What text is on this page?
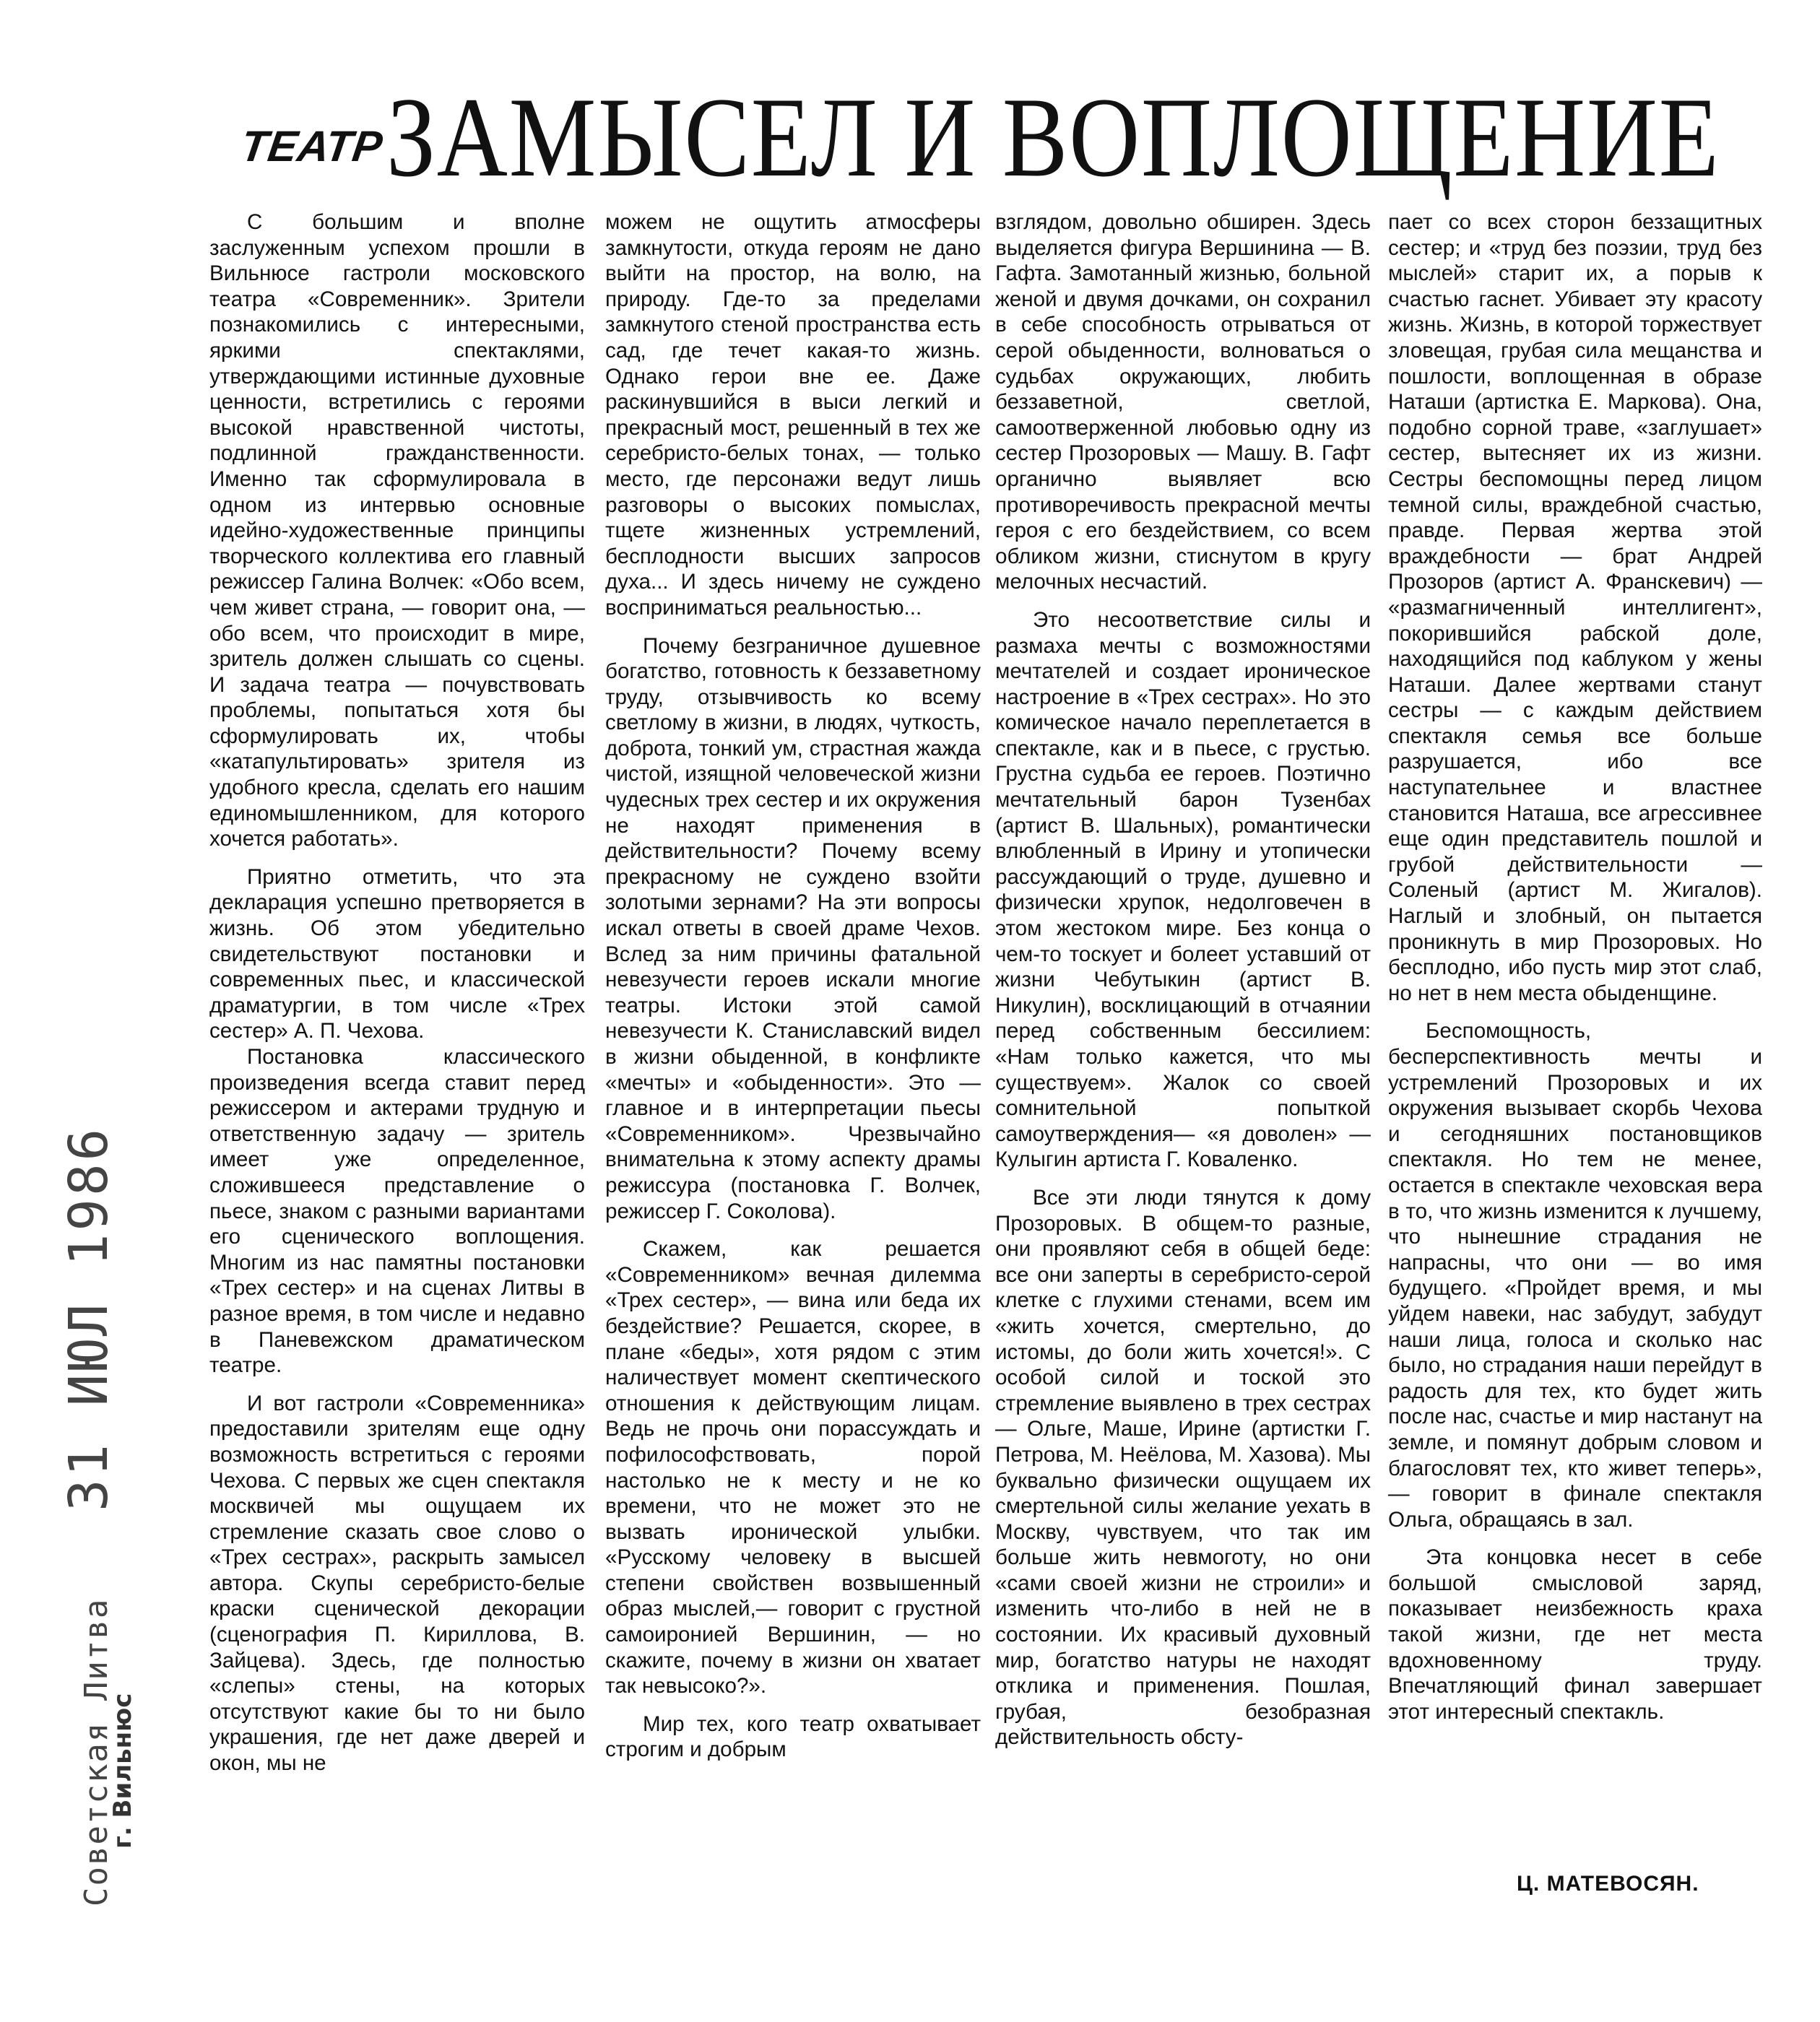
ТЕАТР ЗАМЫСЕЛ И ВОПЛОЩЕНИЕ

С большим и вполне заслуженным успехом прошли в Вильнюсе гастроли московского театра «Современник». Зрители познакомились с интересными, яркими спектаклями, утверждающими истинные духовные ценности, встретились с героями высокой нравственной чистоты, подлинной гражданственности. Именно так сформулировала в одном из интервью основные идейно-художественные принципы творческого коллектива его главный режиссер Галина Волчек: «Обо всем, чем живет страна, — говорит она, — обо всем, что происходит в мире, зритель должен слышать со сцены. И задача театра — почувствовать проблемы, попытаться хотя бы сформулировать их, чтобы «катапультировать» зрителя из удобного кресла, сделать его нашим единомышленником, для которого хочется работать».

Приятно отметить, что эта декларация успешно претворяется в жизнь. Об этом убедительно свидетельствуют постановки и современных пьес, и классической драматургии, в том числе «Трех сестер» А. П. Чехова.

Постановка классического произведения всегда ставит перед режиссером и актерами трудную и ответственную задачу — зритель имеет уже определенное, сложившееся представление о пьесе, знаком с разными вариантами его сценического воплощения. Многим из нас памятны постановки «Трех сестер» и на сценах Литвы в разное время, в том числе и недавно в Паневежском драматическом театре.

И вот гастроли «Современника» предоставили зрителям еще одну возможность встретиться с героями Чехова. С первых же сцен спектакля москвичей мы ощущаем их стремление сказать свое слово о «Трех сестрах», раскрыть замысел автора. Скупы серебристо-белые краски сценической декорации (сценография П. Кириллова, В. Зайцева). Здесь, где полностью «слепы» стены, на которых отсутствуют какие бы то ни было украшения, где нет даже дверей и окон, мы не

можем не ощутить атмосферы замкнутости, откуда героям не дано выйти на простор, на волю, на природу. Где-то за пределами замкнутого стеной пространства есть сад, где течет какая-то жизнь. Однако герои вне ее. Даже раскинувшийся в выси легкий и прекрасный мост, решенный в тех же серебристо-белых тонах, — только место, где персонажи ведут лишь разговоры о высоких помыслах, тщете жизненных устремлений, бесплодности высших запросов духа... И здесь ничему не суждено восприниматься реальностью...

Почему безграничное душевное богатство, готовность к беззаветному труду, отзывчивость ко всему светлому в жизни, в людях, чуткость, доброта, тонкий ум, страстная жажда чистой, изящной человеческой жизни чудесных трех сестер и их окружения не находят применения в действительности? Почему всему прекрасному не суждено взойти золотыми зернами? На эти вопросы искал ответы в своей драме Чехов. Вслед за ним причины фатальной невезучести героев искали многие театры. Истоки этой самой невезучести К. Станиславский видел в жизни обыденной, в конфликте «мечты» и «обыденности». Это — главное и в интерпретации пьесы «Современником». Чрезвычайно внимательна к этому аспекту драмы режиссура (постановка Г. Волчек, режиссер Г. Соколова).

Скажем, как решается «Современником» вечная дилемма «Трех сестер», — вина или беда их бездействие? Решается, скорее, в плане «беды», хотя рядом с этим наличествует момент скептического отношения к действующим лицам. Ведь не прочь они порассуждать и пофилософствовать, порой настолько не к месту и не ко времени, что не может это не вызвать иронической улыбки. «Русскому человеку в высшей степени свойствен возвышенный образ мыслей,— говорит с грустной самоиронией Вершинин, — но скажите, почему в жизни он хватает так невысоко?».

Мир тех, кого театр охватывает строгим и добрым

взглядом, довольно обширен. Здесь выделяется фигура Вершинина — В. Гафта. Замотанный жизнью, больной женой и двумя дочками, он сохранил в себе способность отрываться от серой обыденности, волноваться о судьбах окружающих, любить беззаветной, светлой, самоотверженной любовью одну из сестер Прозоровых — Машу. В. Гафт органично выявляет всю противоречивость прекрасной мечты героя с его бездействием, со всем обликом жизни, стиснутом в кругу мелочных несчастий.

Это несоответствие силы и размаха мечты с возможностями мечтателей и создает ироническое настроение в «Трех сестрах». Но это комическое начало переплетается в спектакле, как и в пьесе, с грустью. Грустна судьба ее героев. Поэтично мечтательный барон Тузенбах (артист В. Шальных), романтически влюбленный в Ирину и утопически рассуждающий о труде, душевно и физически хрупок, недолговечен в этом жестоком мире. Без конца о чем-то тоскует и болеет уставший от жизни Чебутыкин (артист В. Никулин), восклицающий в отчаянии перед собственным бессилием: «Нам только кажется, что мы существуем». Жалок со своей сомнительной попыткой самоутверждения— «я доволен» — Кулыгин артиста Г. Коваленко.

Все эти люди тянутся к дому Прозоровых. В общем-то разные, они проявляют себя в общей беде: все они заперты в серебристо-серой клетке с глухими стенами, всем им «жить хочется, смертельно, до истомы, до боли жить хочется!». С особой силой и тоской это стремление выявлено в трех сестрах — Ольге, Маше, Ирине (артистки Г. Петрова, М. Неёлова, М. Хазова). Мы буквально физически ощущаем их смертельной силы желание уехать в Москву, чувствуем, что так им больше жить невмоготу, но они «сами своей жизни не строили» и изменить что-либо в ней не в состоянии. Их красивый духовный мир, богатство натуры не находят отклика и применения. Пошлая, грубая, безобразная действительность обсту-

пает со всех сторон беззащитных сестер; и «труд без поэзии, труд без мыслей» старит их, а порыв к счастью гаснет. Убивает эту красоту жизнь. Жизнь, в которой торжествует зловещая, грубая сила мещанства и пошлости, воплощенная в образе Наташи (артистка Е. Маркова). Она, подобно сорной траве, «заглушает» сестер, вытесняет их из жизни. Сестры беспомощны перед лицом темной силы, враждебной счастью, правде. Первая жертва этой враждебности — брат Андрей Прозоров (артист А. Франскевич) — «размагниченный интеллигент», покорившийся рабской доле, находящийся под каблуком у жены Наташи. Далее жертвами станут сестры — с каждым действием спектакля семья все больше разрушается, ибо все наступательнее и властнее становится Наташа, все агрессивнее еще один представитель пошлой и грубой действительности — Соленый (артист М. Жигалов). Наглый и злобный, он пытается проникнуть в мир Прозоровых. Но бесплодно, ибо пусть мир этот слаб, но нет в нем места обыденщине.

Беспомощность, бесперспективность мечты и устремлений Прозоровых и их окружения вызывает скорбь Чехова и сегодняшних постановщиков спектакля. Но тем не менее, остается в спектакле чеховская вера в то, что жизнь изменится к лучшему, что нынешние страдания не напрасны, что они — во имя будущего. «Пройдет время, и мы уйдем навеки, нас забудут, забудут наши лица, голоса и сколько нас было, но страдания наши перейдут в радость для тех, кто будет жить после нас, счастье и мир настанут на земле, и помянут добрым словом и благословят тех, кто живет теперь», — говорит в финале спектакля Ольга, обращаясь в зал.

Эта концовка несет в себе большой смысловой заряд, показывает неизбежность краха такой жизни, где нет места вдохновенному труду. Впечатляющий финал завершает этот интересный спектакль.

Ц. МАТЕВОСЯН.
Советская Литва 31 ИЮЛ 1986
г. Вильнюс
